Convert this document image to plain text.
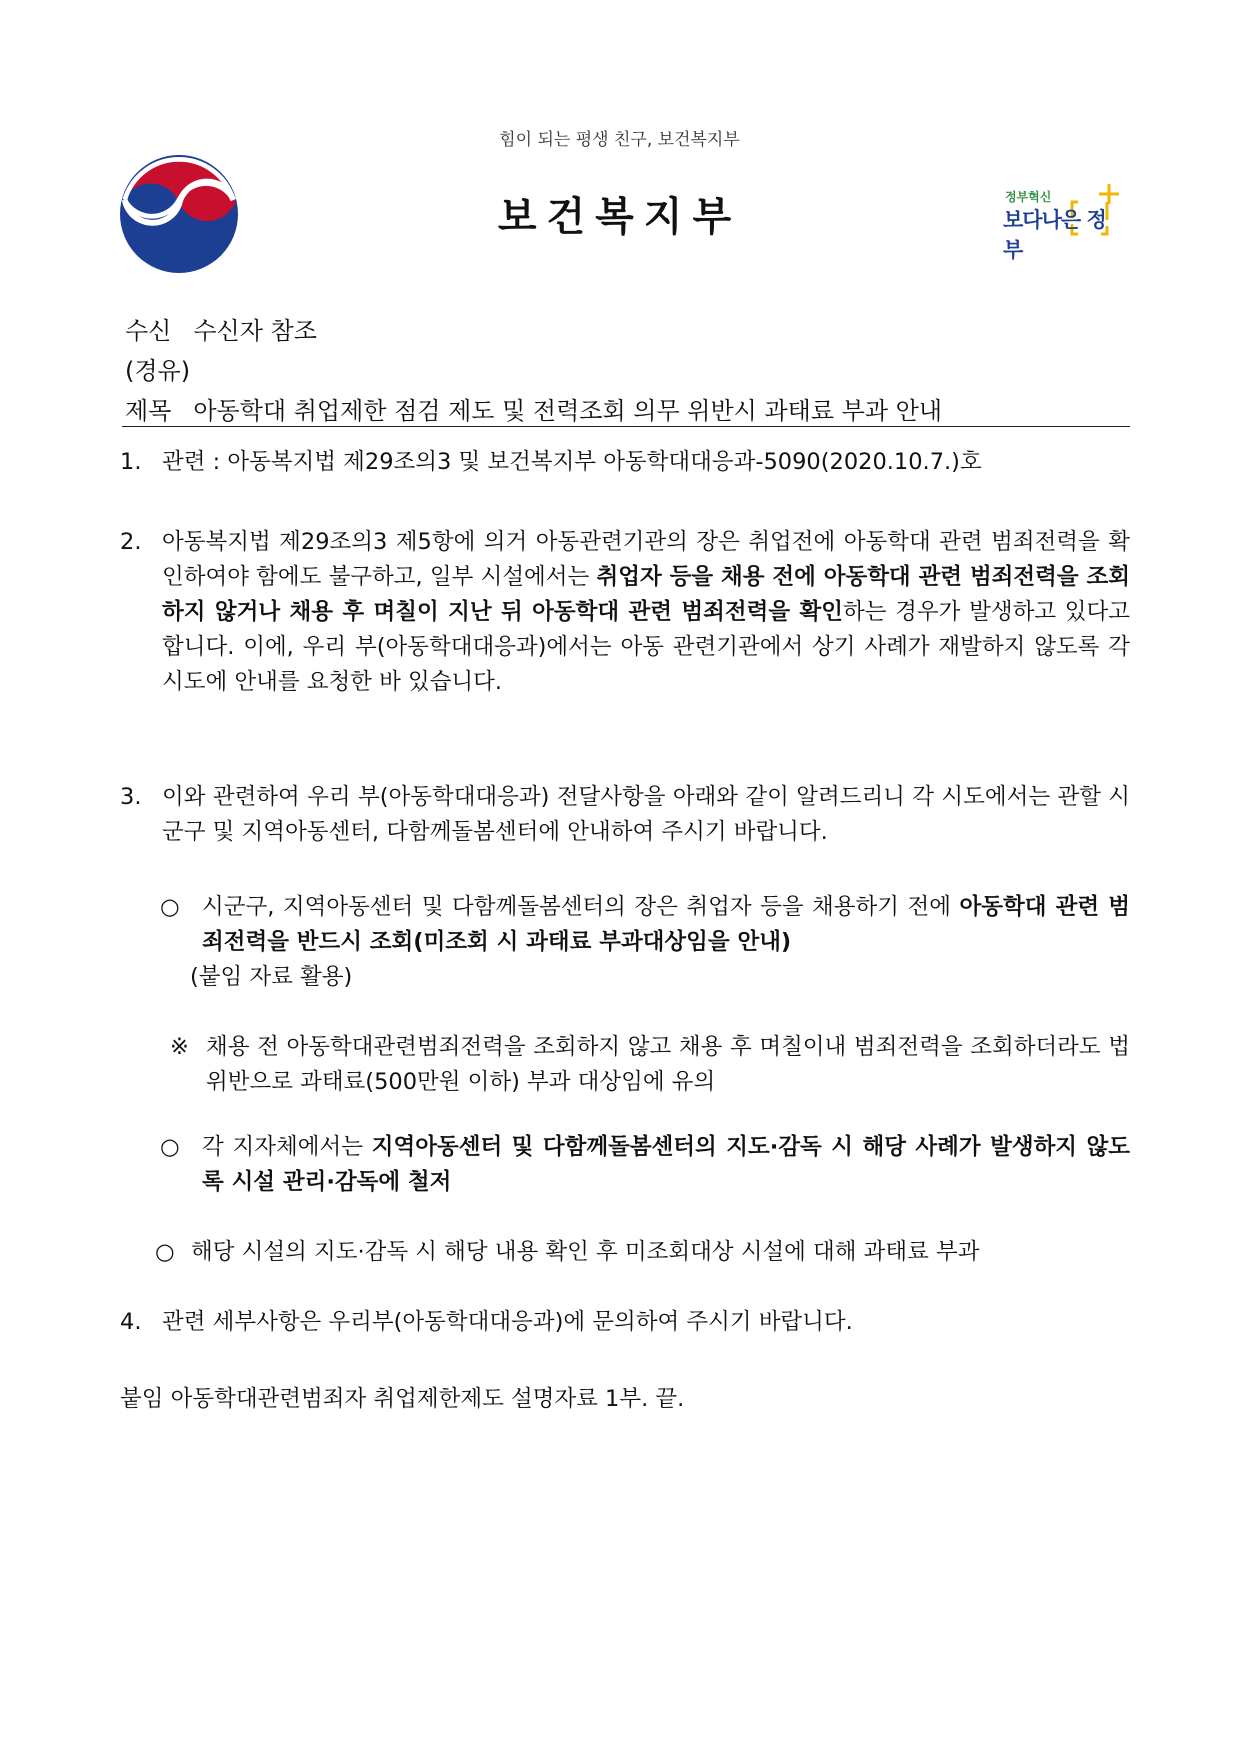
힘이 되는 평생 친구, 보건복지부
보건복지부	정부혁신
보다나은 정부
수신 수신자 참조
(경유)
제목 아동학대 취업제한 점검 제도 및 전력조회 의무 위반시 과태료 부과 안내
1. 관련 : 아동복지법 제29조의3 및 보건복지부 아동학대대응과-5090(2020.10.7.)호
2. 아동복지법 제29조의3 제5항에 의거 아동관련기관의 장은 취업전에 아동학대 관련 범죄전력을 확인하여야 함에도 불구하고, 일부 시설에서는 취업자 등을 채용 전에 아동학대 관련 범죄전력을 조회하지 않거나 채용 후 며칠이 지난 뒤 아동학대 관련 범죄전력을 확인하는 경우가 발생하고 있다고 합니다. 이에, 우리 부(아동학대대응과)에서는 아동 관련기관에서 상기 사례가 재발하지 않도록 각 시도에 안내를 요청한 바 있습니다.
3. 이와 관련하여 우리 부(아동학대대응과) 전달사항을 아래와 같이 알려드리니 각 시도에서는 관할 시군구 및 지역아동센터, 다함께돌봄센터에 안내하여 주시기 바랍니다.
○ 시군구, 지역아동센터 및 다함께돌봄센터의 장은 취업자 등을 채용하기 전에 아동학대 관련 범죄전력을 반드시 조회(미조회 시 과태료 부과대상임을 안내)
(붙임 자료 활용)
※ 채용 전 아동학대관련범죄전력을 조회하지 않고 채용 후 며칠이내 범죄전력을 조회하더라도 법 위반으로 과태료(500만원 이하) 부과 대상임에 유의
○ 각 지자체에서는 지역아동센터 및 다함께돌봄센터의 지도·감독 시 해당 사례가 발생하지 않도록 시설 관리·감독에 철저
○ 해당 시설의 지도·감독 시 해당 내용 확인 후 미조회대상 시설에 대해 과태료 부과
4. 관련 세부사항은 우리부(아동학대대응과)에 문의하여 주시기 바랍니다.
붙임 아동학대관련범죄자 취업제한제도 설명자료 1부. 끝.
